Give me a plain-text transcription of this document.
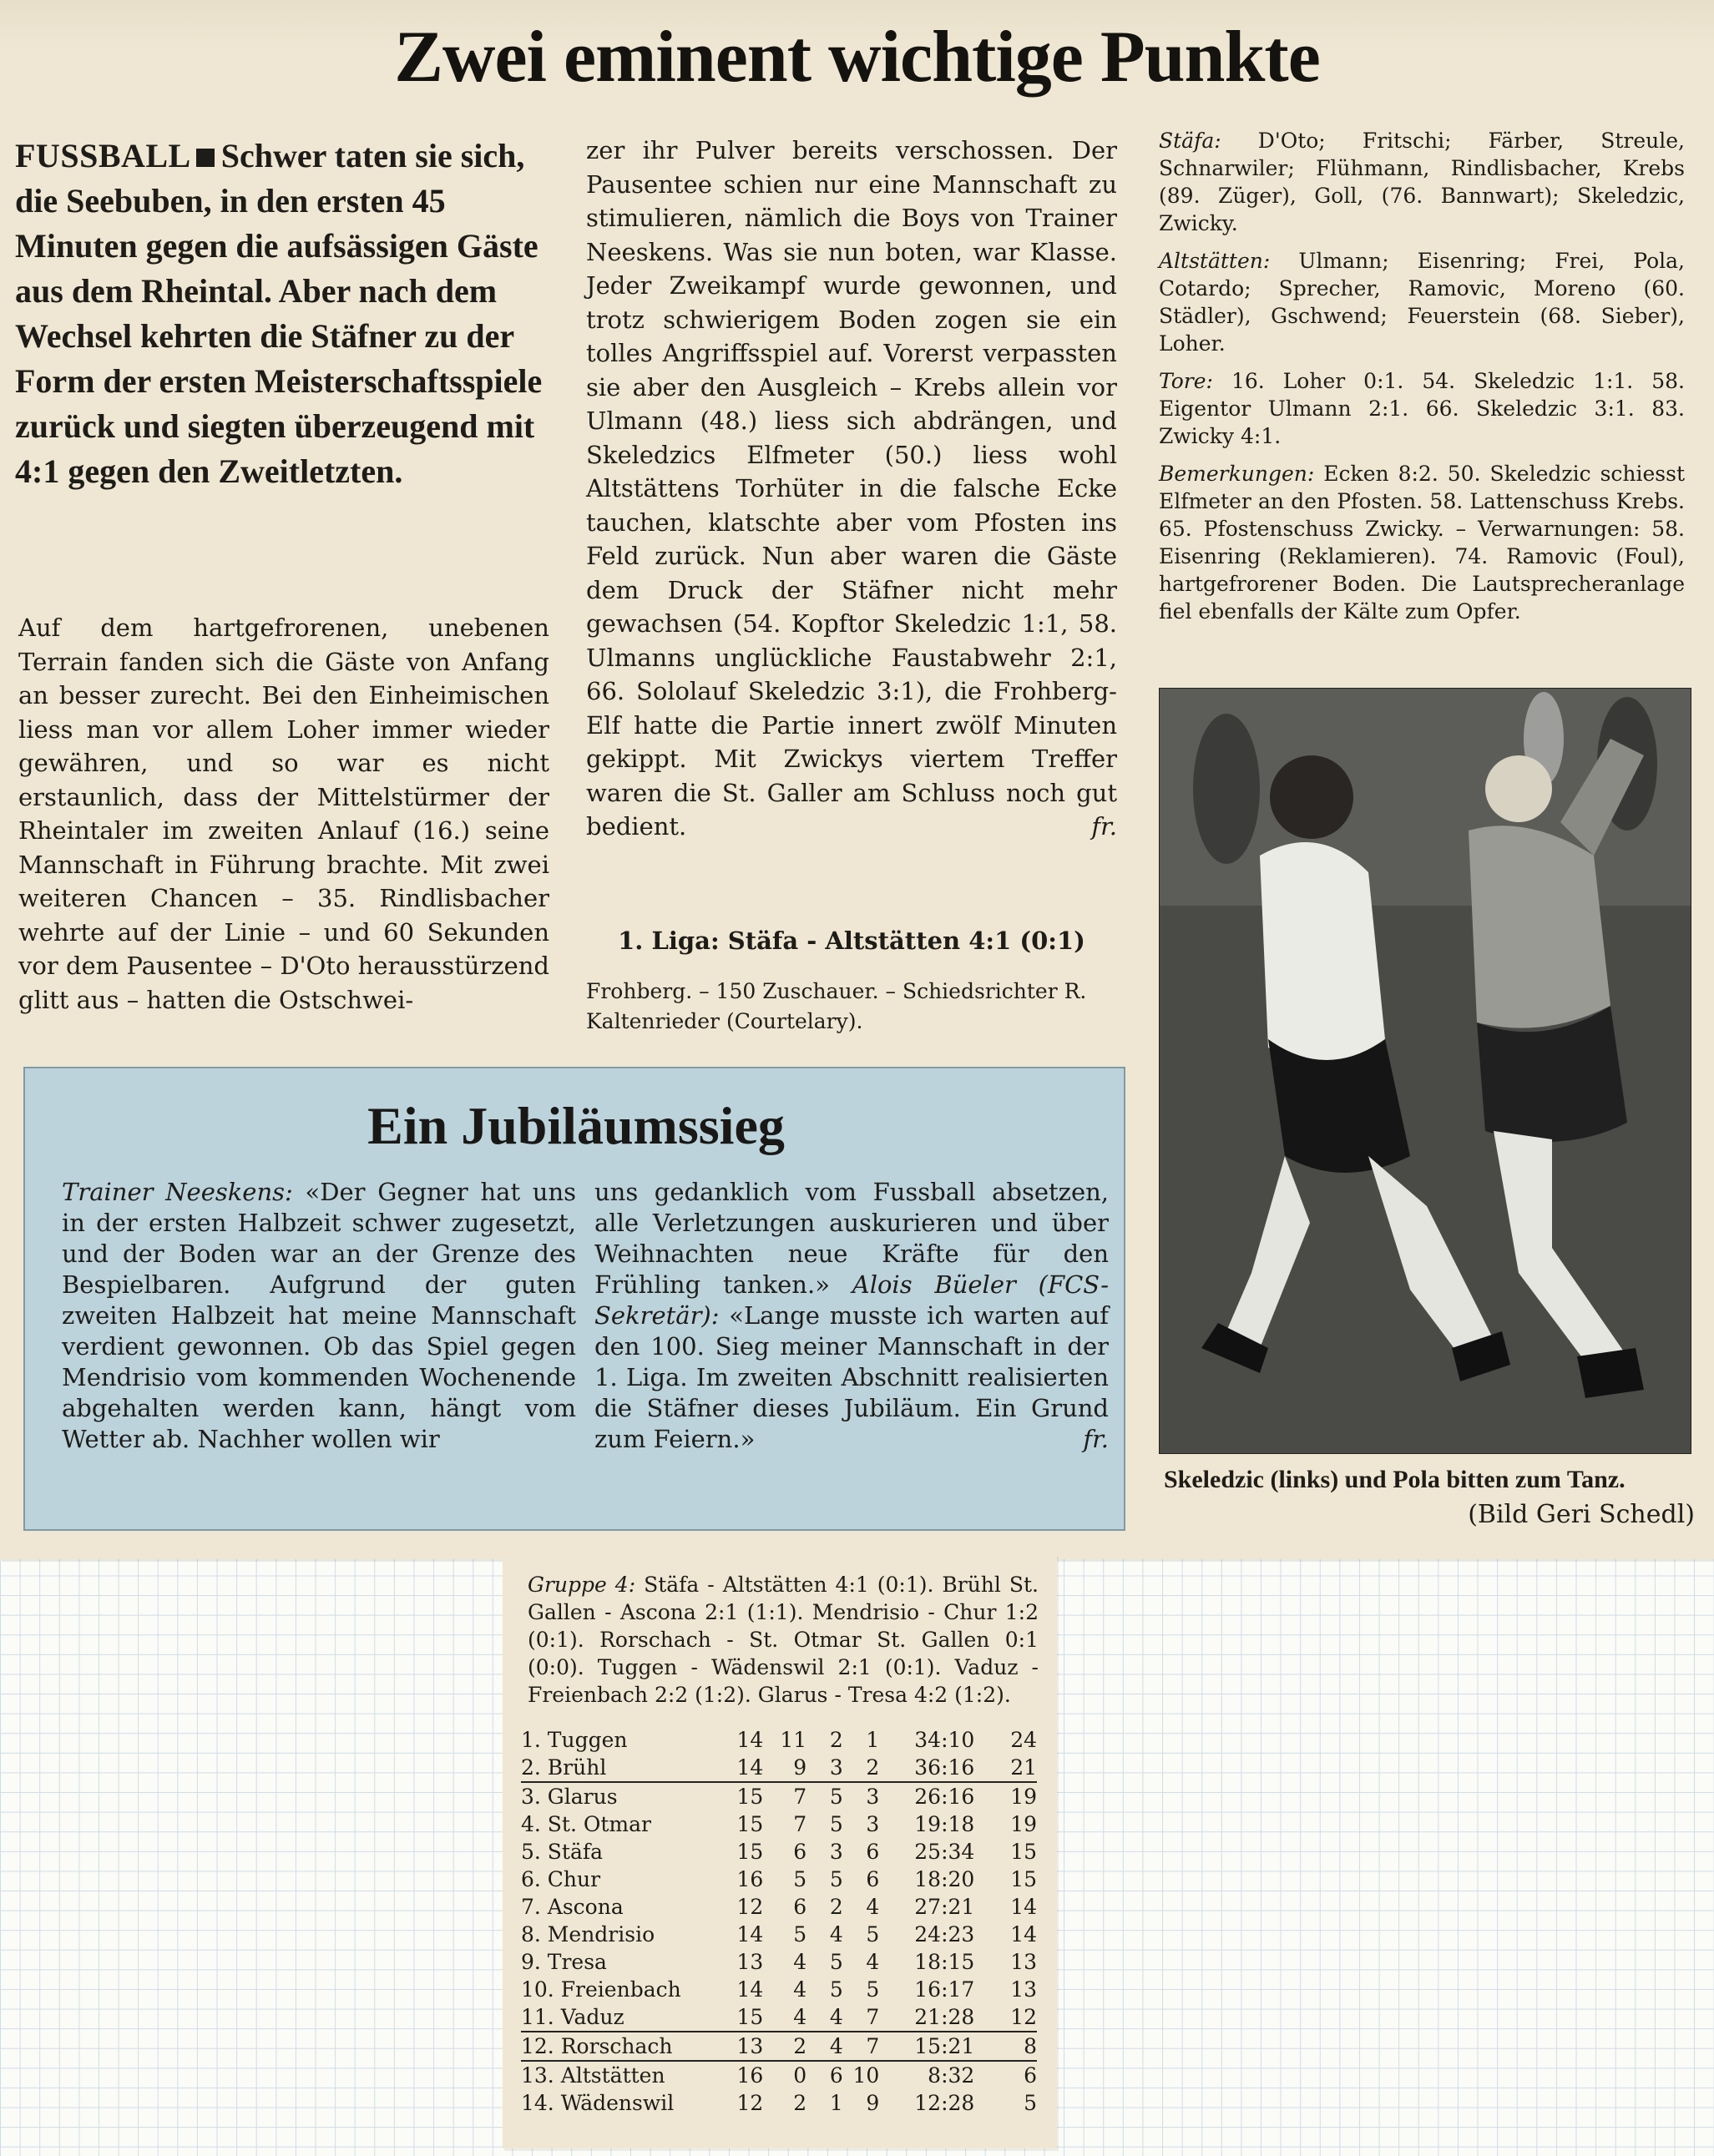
Zwei eminent wichtige Punkte

FUSSBALL Schwer taten sie sich, die Seebuben, in den ersten 45 Minuten gegen die aufsässigen Gäste aus dem Rheintal. Aber nach dem Wechsel kehrten die Stäfner zu der Form der ersten Meisterschaftsspiele zurück und siegten überzeugend mit 4:1 gegen den Zweitletzten.

Auf dem hartgefrorenen, unebenen Terrain fanden sich die Gäste von Anfang an besser zurecht. Bei den Einheimischen liess man vor allem Loher immer wieder gewähren, und so war es nicht erstaunlich, dass der Mittelstürmer der Rheintaler im zweiten Anlauf (16.) seine Mannschaft in Führung brachte. Mit zwei weiteren Chancen – 35. Rindlisbacher wehrte auf der Linie – und 60 Sekunden vor dem Pausentee – D'Oto herausstürzend glitt aus – hatten die Ostschwei-

zer ihr Pulver bereits verschossen. Der Pausentee schien nur eine Mannschaft zu stimulieren, nämlich die Boys von Trainer Neeskens. Was sie nun boten, war Klasse. Jeder Zweikampf wurde gewonnen, und trotz schwierigem Boden zogen sie ein tolles Angriffsspiel auf. Vorerst verpassten sie aber den Ausgleich – Krebs allein vor Ulmann (48.) liess sich abdrängen, und Skeledzics Elfmeter (50.) liess wohl Altstättens Torhüter in die falsche Ecke tauchen, klatschte aber vom Pfosten ins Feld zurück. Nun aber waren die Gäste dem Druck der Stäfner nicht mehr gewachsen (54. Kopftor Skeledzic 1:1, 58. Ulmanns unglückliche Faustabwehr 2:1, 66. Sololauf Skeledzic 3:1), die Frohberg-Elf hatte die Partie innert zwölf Minuten gekippt. Mit Zwickys viertem Treffer waren die St. Galler am Schluss noch gut bedient.	fr.

1. Liga: Stäfa - Altstätten 4:1 (0:1)

Frohberg. – 150 Zuschauer. – Schiedsrichter R. Kaltenrieder (Courtelary).

Stäfa: D'Oto; Fritschi; Färber, Streule, Schnarwiler; Flühmann, Rindlisbacher, Krebs (89. Züger), Goll, (76. Bannwart); Skeledzic, Zwicky.

Altstätten: Ulmann; Eisenring; Frei, Pola, Cotardo; Sprecher, Ramovic, Moreno (60. Städler), Gschwend; Feuerstein (68. Sieber), Loher.

Tore: 16. Loher 0:1. 54. Skeledzic 1:1. 58. Eigentor Ulmann 2:1. 66. Skeledzic 3:1. 83. Zwicky 4:1.

Bemerkungen: Ecken 8:2. 50. Skeledzic schiesst Elfmeter an den Pfosten. 58. Lattenschuss Krebs. 65. Pfostenschuss Zwicky. – Verwarnungen: 58. Eisenring (Reklamieren). 74. Ramovic (Foul), hartgefrorener Boden. Die Lautsprecheranlage fiel ebenfalls der Kälte zum Opfer.

Skeledzic (links) und Pola bitten zum Tanz.
(Bild Geri Schedl)

Ein Jubiläumssieg

Trainer Neeskens: «Der Gegner hat uns in der ersten Halbzeit schwer zugesetzt, und der Boden war an der Grenze des Bespielbaren. Aufgrund der guten zweiten Halbzeit hat meine Mannschaft verdient gewonnen. Ob das Spiel gegen Mendrisio vom kommenden Wochenende abgehalten werden kann, hängt vom Wetter ab. Nachher wollen wir

uns gedanklich vom Fussball absetzen, alle Verletzungen auskurieren und über Weihnachten neue Kräfte für den Frühling tanken.» Alois Büeler (FCS-Sekretär): «Lange musste ich warten auf den 100. Sieg meiner Mannschaft in der 1. Liga. Im zweiten Abschnitt realisierten die Stäfner dieses Jubiläum. Ein Grund zum Feiern.»	fr.

Gruppe 4: Stäfa - Altstätten 4:1 (0:1). Brühl St. Gallen - Ascona 2:1 (1:1). Mendrisio - Chur 1:2 (0:1). Rorschach - St. Otmar St. Gallen 0:1 (0:0). Tuggen - Wädenswil 2:1 (0:1). Vaduz - Freienbach 2:2 (1:2). Glarus - Tresa 4:2 (1:2).

1. Tuggen	14	11	2	1	34:10	24
2. Brühl	14	9	3	2	36:16	21
3. Glarus	15	7	5	3	26:16	19
4. St. Otmar	15	7	5	3	19:18	19
5. Stäfa	15	6	3	6	25:34	15
6. Chur	16	5	5	6	18:20	15
7. Ascona	12	6	2	4	27:21	14
8. Mendrisio	14	5	4	5	24:23	14
9. Tresa	13	4	5	4	18:15	13
10. Freienbach	14	4	5	5	16:17	13
11. Vaduz	15	4	4	7	21:28	12
12. Rorschach	13	2	4	7	15:21	8
13. Altstätten	16	0	6	10	8:32	6
14. Wädenswil	12	2	1	9	12:28	5
